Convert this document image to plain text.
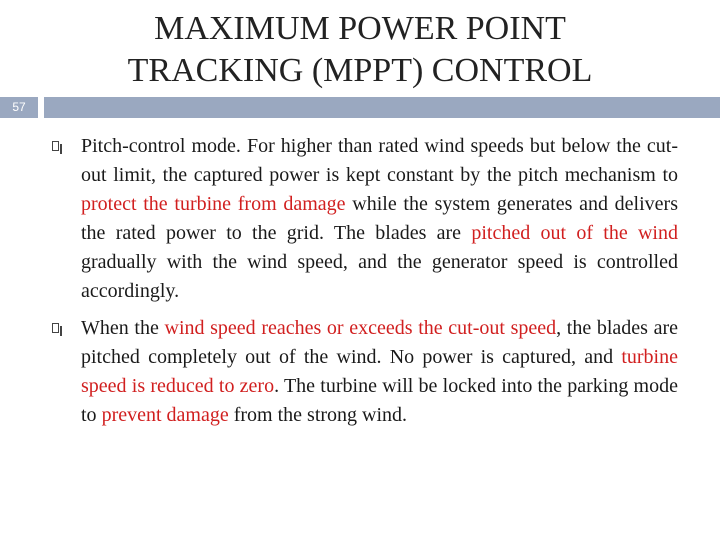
MAXIMUM POWER POINT
TRACKING (MPPT) CONTROL
57
Pitch-control mode. For higher than rated wind speeds but below the cut-out limit, the captured power is kept constant by the pitch mechanism to protect the turbine from damage while the system generates and delivers the rated power to the grid. The blades are pitched out of the wind gradually with the wind speed, and the generator speed is controlled accordingly.
When the wind speed reaches or exceeds the cut-out speed, the blades are pitched completely out of the wind. No power is captured, and turbine speed is reduced to zero. The turbine will be locked into the parking mode to prevent damage from the strong wind.
